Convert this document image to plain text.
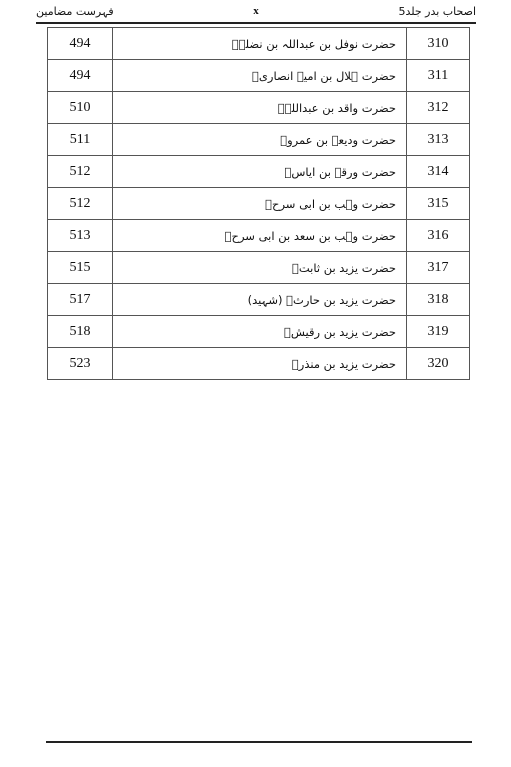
فہرست مضامین	x	اصحاب بدر جلد5
494	حضرت نوفل بن عبداللہ بن نضلہؓ	310
494	حضرت ہلال بن امیہ انصاریؓ	311
510	حضرت واقد بن عبداللہؓ	312
511	حضرت ودیعہ بن عمروؓ	313
512	حضرت ورقہ بن ایاسؓ	314
512	حضرت وہب بن ابی سرحؓ	315
513	حضرت وہب بن سعد بن ابی سرحؓ	316
515	حضرت یزید بن ثابتؓ	317
517	حضرت یزید بن حارثؓ (شہید)	318
518	حضرت یزید بن رقیشؓ	319
523	حضرت یزید بن منذرؓ	320
